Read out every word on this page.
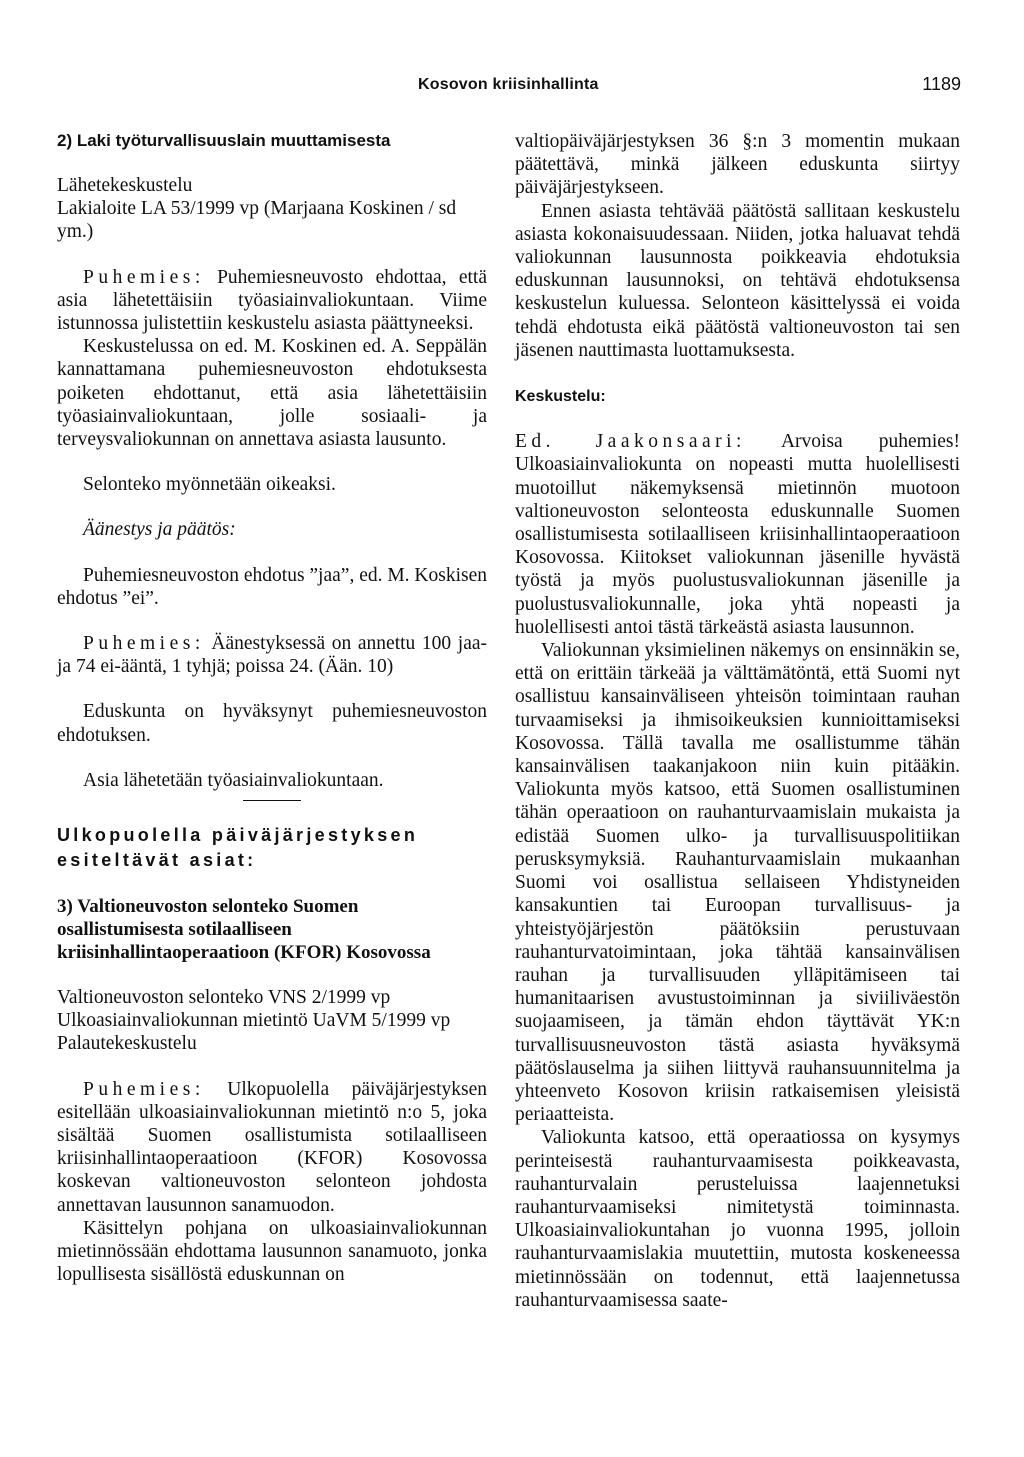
Kosovon kriisinhallinta	1189

2) Laki työturvallisuuslain muuttamisesta

Lähetekeskustelu

Lakialoite LA 53/1999 vp (Marjaana Koskinen / sd ym.)

Puhemies: Puhemiesneuvosto ehdottaa, että asia lähetettäisiin työasiainvaliokuntaan. Viime istunnossa julistettiin keskustelu asiasta päättyneeksi.

Keskustelussa on ed. M. Koskinen ed. A. Seppälän kannattamana puhemiesneuvoston ehdotuksesta poiketen ehdottanut, että asia lähetettäisiin työasiainvaliokuntaan, jolle sosiaali- ja terveysvaliokunnan on annettava asiasta lausunto.

Selonteko myönnetään oikeaksi.

Äänestys ja päätös:

Puhemiesneuvoston ehdotus ”jaa”, ed. M. Koskisen ehdotus ”ei”.

Puhemies: Äänestyksessä on annettu 100 jaa- ja 74 ei-ääntä, 1 tyhjä; poissa 24. (Ään. 10)

Eduskunta on hyväksynyt puhemiesneuvoston ehdotuksen.

Asia lähetetään työasiainvaliokuntaan.

Ulkopuolella päiväjärjestyksen esiteltävät asiat:

3) Valtioneuvoston selonteko Suomen osallistumisesta sotilaalliseen kriisinhallintaoperaatioon (KFOR) Kosovossa

Valtioneuvoston selonteko VNS 2/1999 vp

Ulkoasiainvaliokunnan mietintö UaVM 5/1999 vp

Palautekeskustelu

Puhemies: Ulkopuolella päiväjärjestyksen esitellään ulkoasiainvaliokunnan mietintö n:o 5, joka sisältää Suomen osallistumista sotilaalliseen kriisinhallintaoperaatioon (KFOR) Kosovossa koskevan valtioneuvoston selonteon johdosta annettavan lausunnon sanamuodon.

Käsittelyn pohjana on ulkoasiainvaliokunnan mietinnössään ehdottama lausunnon sanamuoto, jonka lopullisesta sisällöstä eduskunnan on

valtiopäiväjärjestyksen 36 §:n 3 momentin mukaan päätettävä, minkä jälkeen eduskunta siirtyy päiväjärjestykseen.

Ennen asiasta tehtävää päätöstä sallitaan keskustelu asiasta kokonaisuudessaan. Niiden, jotka haluavat tehdä valiokunnan lausunnosta poikkeavia ehdotuksia eduskunnan lausunnoksi, on tehtävä ehdotuksensa keskustelun kuluessa. Selonteon käsittelyssä ei voida tehdä ehdotusta eikä päätöstä valtioneuvoston tai sen jäsenen nauttimasta luottamuksesta.

Keskustelu:

Ed. Jaakonsaari: Arvoisa puhemies! Ulkoasiainvaliokunta on nopeasti mutta huolellisesti muotoillut näkemyksensä mietinnön muotoon valtioneuvoston selonteosta eduskunnalle Suomen osallistumisesta sotilaalliseen kriisinhallintaoperaatioon Kosovossa. Kiitokset valiokunnan jäsenille hyvästä työstä ja myös puolustusvaliokunnan jäsenille ja puolustusvaliokunnalle, joka yhtä nopeasti ja huolellisesti antoi tästä tärkeästä asiasta lausunnon.

Valiokunnan yksimielinen näkemys on ensinnäkin se, että on erittäin tärkeää ja välttämätöntä, että Suomi nyt osallistuu kansainväliseen yhteisön toimintaan rauhan turvaamiseksi ja ihmisoikeuksien kunnioittamiseksi Kosovossa. Tällä tavalla me osallistumme tähän kansainvälisen taakanjakoon niin kuin pitääkin. Valiokunta myös katsoo, että Suomen osallistuminen tähän operaatioon on rauhanturvaamislain mukaista ja edistää Suomen ulko- ja turvallisuuspolitiikan perusksymyksiä. Rauhanturvaamislain mukaanhan Suomi voi osallistua sellaiseen Yhdistyneiden kansakuntien tai Euroopan turvallisuus- ja yhteistyöjärjestön päätöksiin perustuvaan rauhanturvatoimintaan, joka tähtää kansainvälisen rauhan ja turvallisuuden ylläpitämiseen tai humanitaarisen avustustoiminnan ja siviiliväestön suojaamiseen, ja tämän ehdon täyttävät YK:n turvallisuusneuvoston tästä asiasta hyväksymä päätöslauselma ja siihen liittyvä rauhansuunnitelma ja yhteenveto Kosovon kriisin ratkaisemisen yleisistä periaatteista.

Valiokunta katsoo, että operaatiossa on kysymys perinteisestä rauhanturvaamisesta poikkeavasta, rauhanturvalain perusteluissa laajennetuksi rauhanturvaamiseksi nimitetystä toiminnasta. Ulkoasiainvaliokuntahan jo vuonna 1995, jolloin rauhanturvaamislakia muutettiin, mutosta koskeneessa mietinnössään on todennut, että laajennetussa rauhanturvaamisessa saate-
